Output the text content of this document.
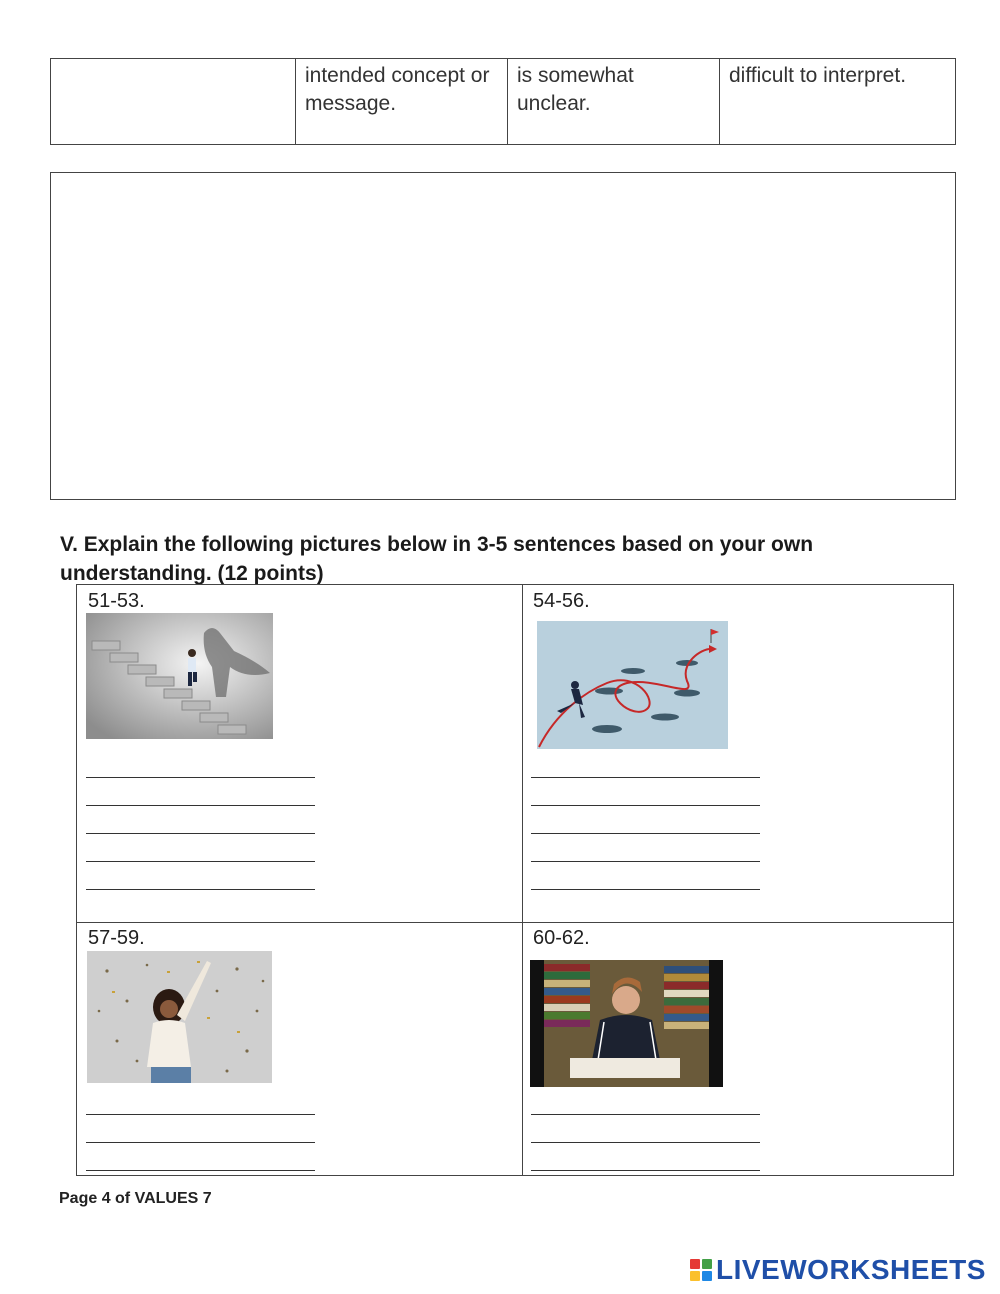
intended concept or message.
is somewhat unclear.
difficult to interpret.
V. Explain the following pictures below in 3-5 sentences based on your own understanding. (12 points)
51-53.	54-56.
57-59.	60-62.
Page 4 of VALUES 7
LIVEWORKSHEETS
